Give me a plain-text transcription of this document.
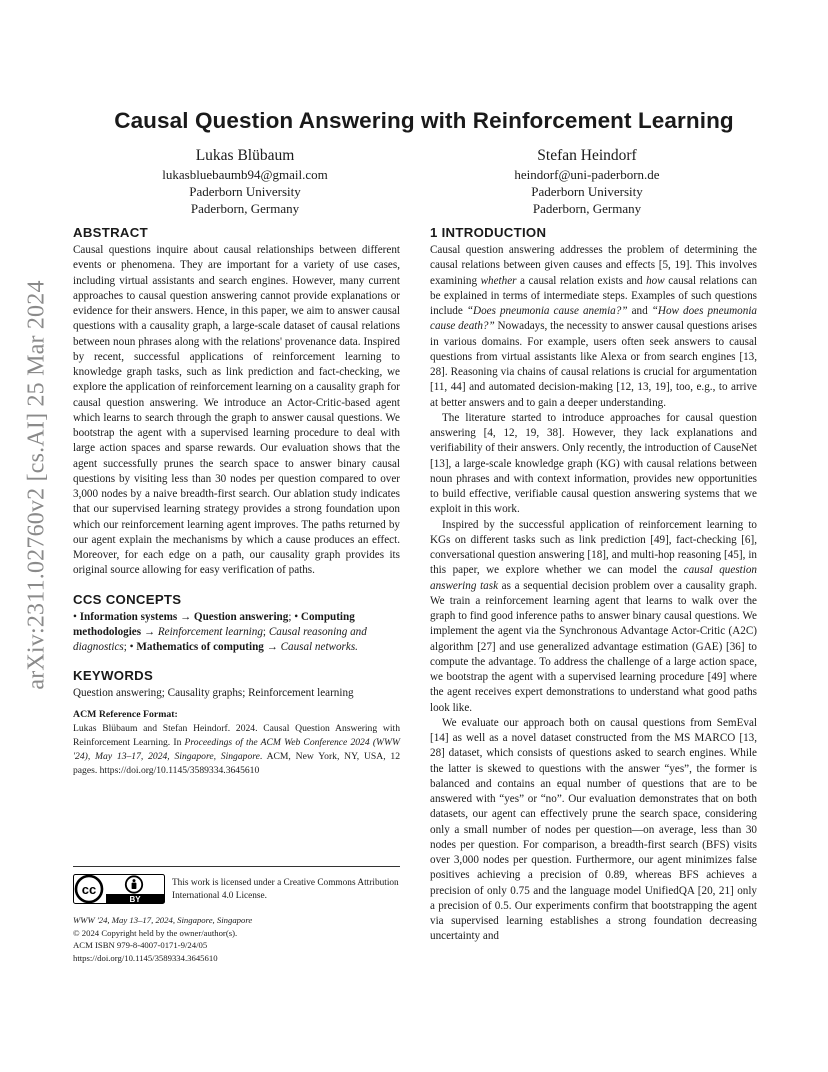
arXiv:2311.02760v2 [cs.AI] 25 Mar 2024
Causal Question Answering with Reinforcement Learning
Lukas Blübaum
lukasbluebaumb94@gmail.com
Paderborn University
Paderborn, Germany
Stefan Heindorf
heindorf@uni-paderborn.de
Paderborn University
Paderborn, Germany
ABSTRACT

Causal questions inquire about causal relationships between different events or phenomena. They are important for a variety of use cases, including virtual assistants and search engines. However, many current approaches to causal question answering cannot provide explanations or evidence for their answers. Hence, in this paper, we aim to answer causal questions with a causality graph, a large-scale dataset of causal relations between noun phrases along with the relations' provenance data. Inspired by recent, successful applications of reinforcement learning to knowledge graph tasks, such as link prediction and fact-checking, we explore the application of reinforcement learning on a causality graph for causal question answering. We introduce an Actor-Critic-based agent which learns to search through the graph to answer causal questions. We bootstrap the agent with a supervised learning procedure to deal with large action spaces and sparse rewards. Our evaluation shows that the agent successfully prunes the search space to answer binary causal questions by visiting less than 30 nodes per question compared to over 3,000 nodes by a naive breadth-first search. Our ablation study indicates that our supervised learning strategy provides a strong foundation upon which our reinforcement learning agent improves. The paths returned by our agent explain the mechanisms by which a cause produces an effect. Moreover, for each edge on a path, our causality graph provides its original source allowing for easy verification of paths.

CCS CONCEPTS

• Information systems → Question answering; • Computing methodologies → Reinforcement learning; Causal reasoning and diagnostics; • Mathematics of computing → Causal networks.

KEYWORDS

Question answering; Causality graphs; Reinforcement learning

ACM Reference Format:

Lukas Blübaum and Stefan Heindorf. 2024. Causal Question Answering with Reinforcement Learning. In Proceedings of the ACM Web Conference 2024 (WWW '24), May 13–17, 2024, Singapore, Singapore. ACM, New York, NY, USA, 12 pages. https://doi.org/10.1145/3589334.3645610

cc
BY
This work is licensed under a Creative Commons Attribution International 4.0 License.
WWW '24, May 13–17, 2024, Singapore, Singapore
© 2024 Copyright held by the owner/author(s).
ACM ISBN 979-8-4007-0171-9/24/05
https://doi.org/10.1145/3589334.3645610
1 INTRODUCTION

Causal question answering addresses the problem of determining the causal relations between given causes and effects [5, 19]. This involves examining whether a causal relation exists and how causal relations can be explained in terms of intermediate steps. Examples of such questions include “Does pneumonia cause anemia?” and “How does pneumonia cause death?” Nowadays, the necessity to answer causal questions arises in various domains. For example, users often seek answers to causal questions from virtual assistants like Alexa or from search engines [13, 28]. Reasoning via chains of causal relations is crucial for argumentation [11, 44] and automated decision-making [12, 13, 19], too, e.g., to arrive at better answers and to gain a deeper understanding.

The literature started to introduce approaches for causal question answering [4, 12, 19, 38]. However, they lack explanations and verifiability of their answers. Only recently, the introduction of CauseNet [13], a large-scale knowledge graph (KG) with causal relations between noun phrases and with context information, provides new opportunities to build effective, verifiable causal question answering systems that we exploit in this work.

Inspired by the successful application of reinforcement learning to KGs on different tasks such as link prediction [49], fact-checking [6], conversational question answering [18], and multi-hop reasoning [45], in this paper, we explore whether we can model the causal question answering task as a sequential decision problem over a causality graph. We train a reinforcement learning agent that learns to walk over the graph to find good inference paths to answer binary causal questions. We implement the agent via the Synchronous Advantage Actor-Critic (A2C) algorithm [27] and use generalized advantage estimation (GAE) [36] to compute the advantage. To address the challenge of a large action space, we bootstrap the agent with a supervised learning procedure [49] where the agent receives expert demonstrations to understand what good paths look like.

We evaluate our approach both on causal questions from SemEval [14] as well as a novel dataset constructed from the MS MARCO [13, 28] dataset, which consists of questions asked to search engines. While the latter is skewed to questions with the answer “yes”, the former is balanced and contains an equal number of questions that are to be answered with “yes” or “no”. Our evaluation demonstrates that on both datasets, our agent can effectively prune the search space, considering only a small number of nodes per question—on average, less than 30 nodes per question. For comparison, a breadth-first search (BFS) visits over 3,000 nodes per question. Furthermore, our agent minimizes false positives achieving a precision of 0.89, whereas BFS achieves a precision of only 0.75 and the language model UnifiedQA [20, 21] only a precision of 0.5. Our experiments confirm that bootstrapping the agent via supervised learning establishes a strong foundation decreasing uncertainty and
